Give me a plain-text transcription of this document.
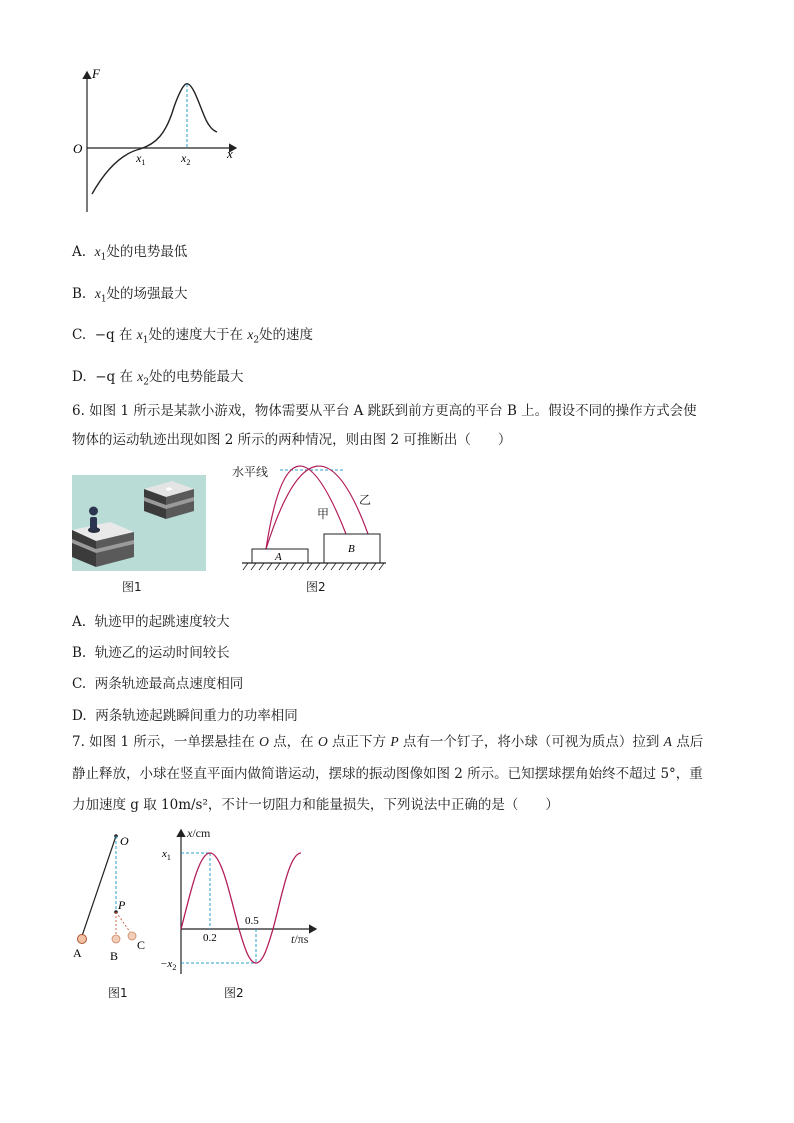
F
x
O
$x_1$	$x_2$
A. $x_1$处的电势最低
B. $x_1$处的场强最大
C. −q 在 $x_1$处的速度大于在 $x_2$处的速度
D. −q 在 $x_2$处的电势能最大
6. 如图 1 所示是某款小游戏，物体需要从平台 A 跳跃到前方更高的平台 B 上。假设不同的操作方式会使
物体的运动轨迹出现如图 2 所示的两种情况，则由图 2 可推断出（　　）
图1
A
B
水平线
甲
乙
图2
A. 轨迹甲的起跳速度较大
B. 轨迹乙的运动时间较长
C. 两条轨迹最高点速度相同
D. 两条轨迹起跳瞬间重力的功率相同
7. 如图 1 所示，一单摆悬挂在 O 点，在 O 点正下方 P 点有一个钉子，将小球（可视为质点）拉到 A 点后
静止释放，小球在竖直平面内做简谐运动，摆球的振动图像如图 2 所示。已知摆球摆角始终不超过 5°，重
力加速度 g 取 10m/s²，不计一切阻力和能量损失，下列说法中正确的是（　　）
O
P
A B
C
图1
$x_1$
$-x_2$
0.2
0.5
x/cm
t/πs
图2
